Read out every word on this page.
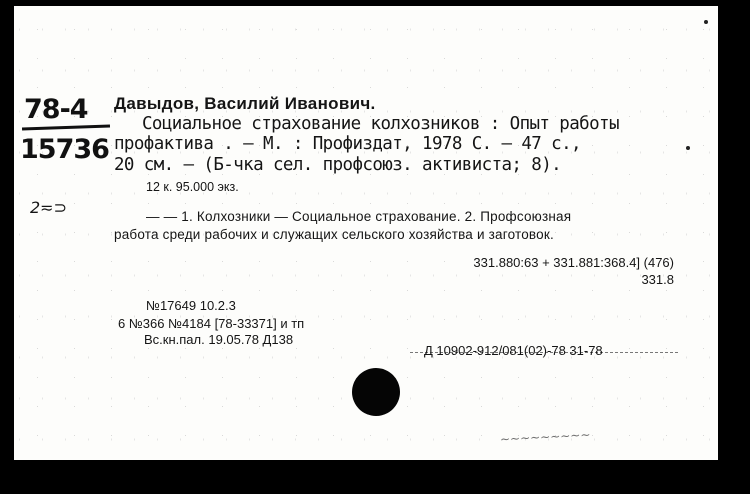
78-4
15736
2≂⊃
Давыдов, Василий Иванович.
Социальное страхование колхозников : Опыт работы
профактива . — М. : Профиздат, 1978 С. — 47 с.,
20 см. — (Б-чка сел. профсоюз. активиста; 8).
12 к. 95.000 экз.
— — 1. Колхозники — Социальное страхование. 2. Профсоюзная
работа среди рабочих и служащих сельского хозяйства и заготовок.
331.880:63 + 331.881:368.4] (476)
331.8
№17649 10.2.3
6 №366 №4184 [78-33371] и тп
Вс.кн.пал. 19.05.78 Д138
Д 10902-912/081(02)-78 31-78
~~~~~~~~~
